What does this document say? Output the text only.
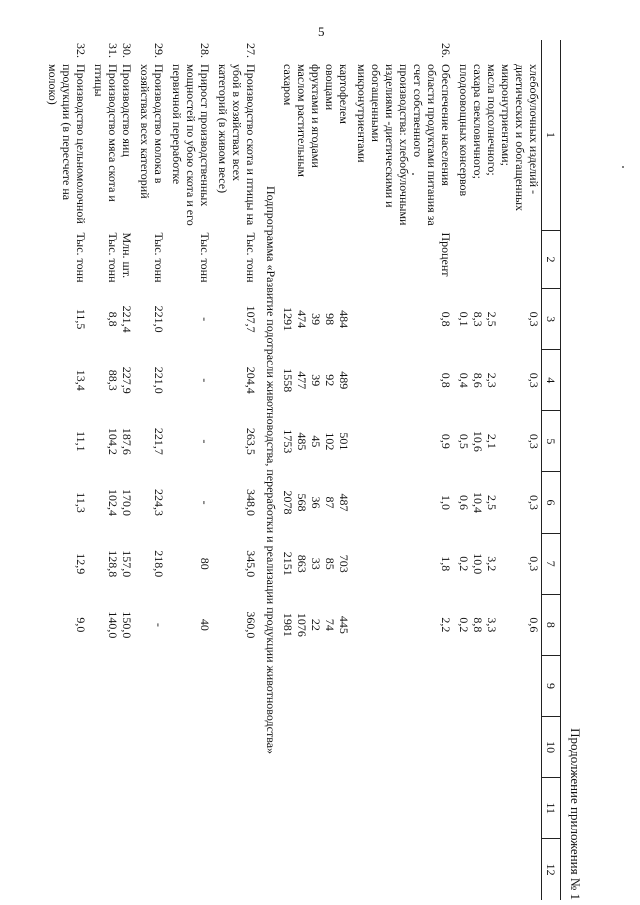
5
Продолжение приложения № 1
1		2	3	4	5	6	7	8	9	10	11	12
	хлебобулочных изделий - диетических и обогащенных микронутриентами;		0,3	0,3	0,3	0,3	0,3	0,6				
	масла подсолнечного;		2,5	2,3	2,1	2,5	3,2	3,3				
	сахара свекловичного;		8,3	8,6	10,6	10,4	10,0	8,8				
	плодоовощных консервов		0,1	0,4	0,5	0,6	0,2	0,2				
26.	Обеспечение населения области продуктами питания за счет собственного производства: хлебобулочными изделиями -диетическими и обогащенными микронутриентами	Процент	0,8	0,8	0,9	1,0	1,8	2,2				
	картофелем		484	489	501	487	703	445				
	овощами		98	92	102	87	85	74				
	фруктами и ягодами		39	39	45	36	33	22				
	маслом растительным		474	477	485	568	863	1076				
	сахаром		1291	1558	1753	2078	2151	1981				
Подпрограмма «Развитие подотрасли животноводства, переработки и реализации продукции животноводства»												
27.	Производство скота и птицы на убой в хозяйствах всех категорий (в живом весе)	Тыс. тонн	107,7	204,4	263,5	348,0	345,0	360,0				
28.	Прирост производственных мощностей по убою скота и его первичной переработке	Тыс. тонн	-	-	-	-	80	40				
29.	Производство молока в хозяйствах всех категорий	Тыс. тонн	221,0	221,0	221,7	224,3	218,0	-				
30.	Производство яиц	Млн. шт.	221,4	227,9	187,6	170,0	157,0	150,0				
31.	Производство мяса скота и птицы	Тыс. тонн	8,8	88,3	104,2	102,4	128,8	140,0				
32.	Производство цельномолочной продукции (в пересчете на молоко)	Тыс. тонн	11,5	13,4	11,1	11,3	12,9	9,0				
